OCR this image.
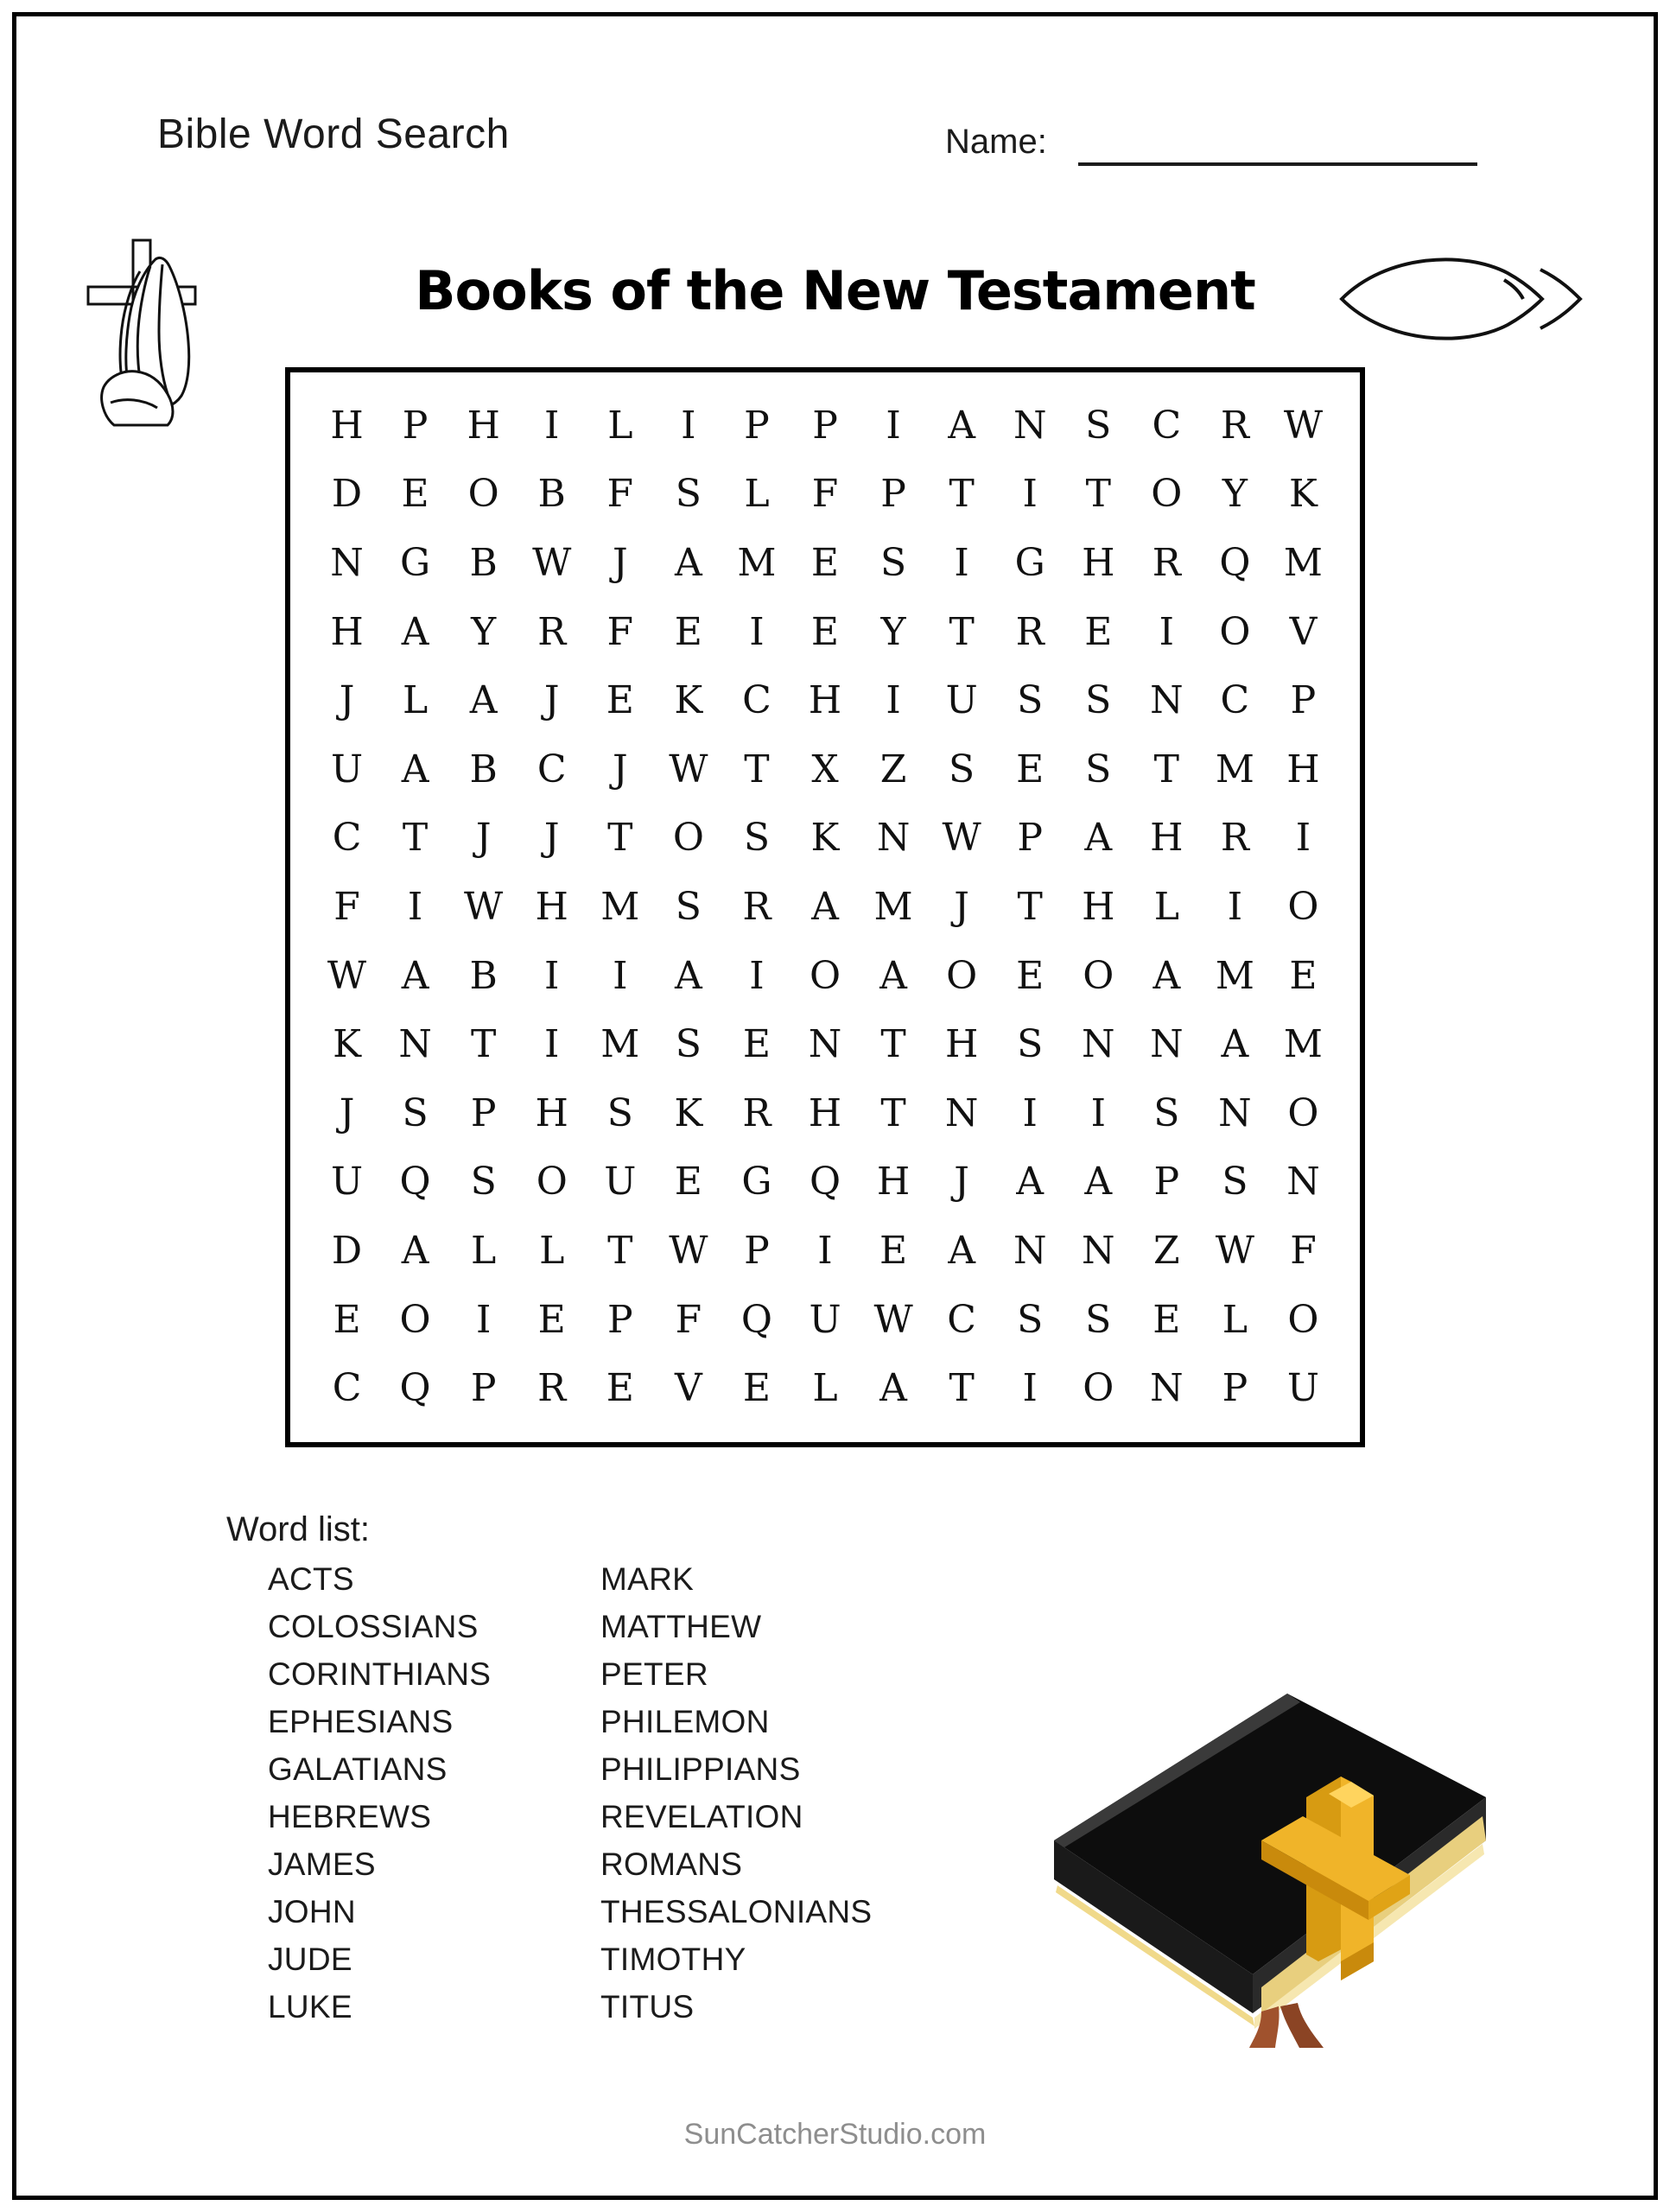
Bible Word Search	Name:
Books of the New Testament
H	P	H	I	L	I	P	P	I	A N	S	C	R W
D	E	O	B	F	S	L	F	P	T	I	T	O	Y	K
N G	B W	J	A M E	S	I	G H R	Q M
H A	Y	R	F	E	I	E	Y	T	R	E	I	O	V
J	L	A	J	E	K	C H	I	U	S	S	N C	P
U	A	B	C	J	W T	X	Z	S	E	S	T M H
C	T	J	J	T	O	S	K N W P	A	H R	I
F	I	W H M S	R	A M	J	T	H	L	I	O
W A	B	I	I	A	I	O	A	O	E	O	A M E
K N	T	I	M S	E N	T	H	S	N N A M
J	S	P	H	S	K	R H	T	N	I	I	S	N O
U Q	S	O U	E	G Q H	J	A	A	P	S	N
D	A	L	L	T W P	I	E	A N N	Z W F
E	O	I	E	P	F	Q U W C	S	S	E	L	O
C	Q	P	R	E	V	E	L	A	T	I	O N	P	U
Word list:
ACTS
COLOSSIANS
CORINTHIANS
EPHESIANS
GALATIANS
HEBREWS
JAMES
JOHN
JUDE
LUKE
MARK
MATTHEW
PETER
PHILEMON
PHILIPPIANS
REVELATION
ROMANS
THESSALONIANS
TIMOTHY
TITUS
SunCatcherStudio.com
